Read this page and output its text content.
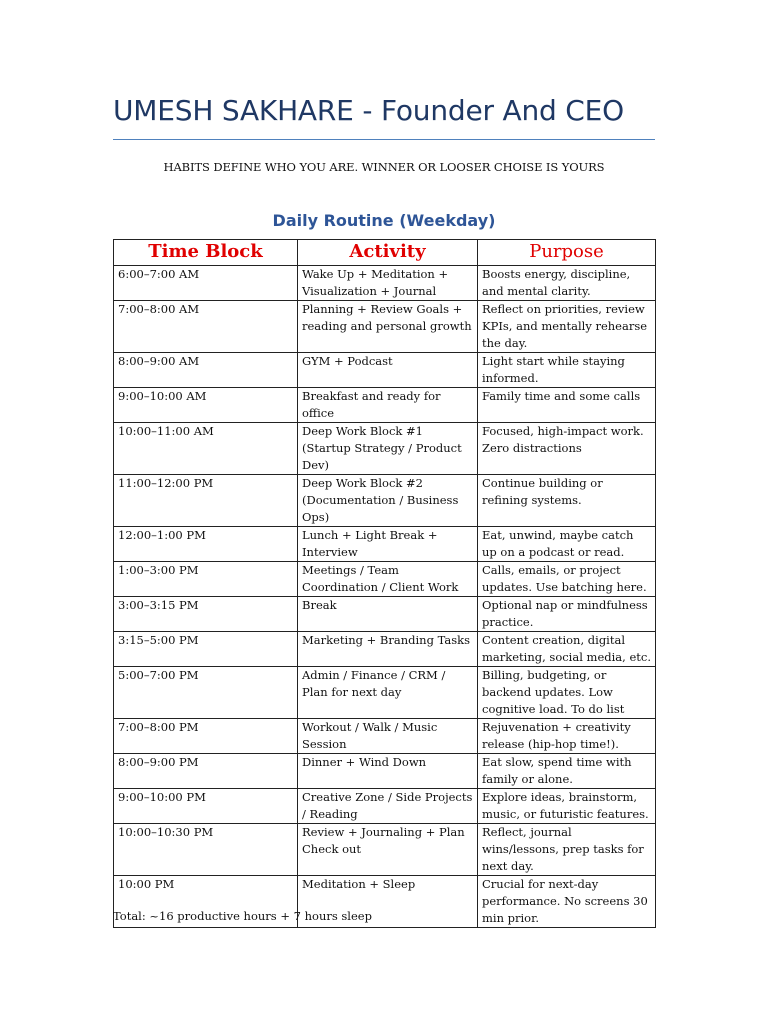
UMESH SAKHARE - Founder And CEO
HABITS DEFINE WHO YOU ARE. WINNER OR LOOSER CHOISE IS YOURS
Daily Routine (Weekday)
Time Block	Activity	Purpose
6:00–7:00 AM	Wake Up + Meditation + Visualization + Journal	Boosts energy, discipline, and mental clarity.
7:00–8:00 AM	Planning + Review Goals + reading and personal growth	Reflect on priorities, review KPIs, and mentally rehearse the day.
8:00–9:00 AM	GYM + Podcast	Light start while staying informed.
9:00–10:00 AM	Breakfast and ready for office	Family time and some calls
10:00–11:00 AM	Deep Work Block #1 (Startup Strategy / Product Dev)	Focused, high-impact work. Zero distractions
11:00–12:00 PM	Deep Work Block #2 (Documentation / Business Ops)	Continue building or refining systems.
12:00–1:00 PM	Lunch + Light Break + Interview	Eat, unwind, maybe catch up on a podcast or read.
1:00–3:00 PM	Meetings / Team Coordination / Client Work	Calls, emails, or project updates. Use batching here.
3:00–3:15 PM	Break	Optional nap or mindfulness practice.
3:15–5:00 PM	Marketing + Branding Tasks	Content creation, digital marketing, social media, etc.
5:00–7:00 PM	Admin / Finance / CRM / Plan for next day	Billing, budgeting, or backend updates. Low cognitive load. To do list
7:00–8:00 PM	Workout / Walk / Music Session	Rejuvenation + creativity release (hip-hop time!).
8:00–9:00 PM	Dinner + Wind Down	Eat slow, spend time with family or alone.
9:00–10:00 PM	Creative Zone / Side Projects / Reading	Explore ideas, brainstorm, music, or futuristic features.
10:00–10:30 PM	Review + Journaling + Plan Check out	Reflect, journal wins/lessons, prep tasks for next day.
10:00 PM	Meditation + Sleep	Crucial for next-day performance. No screens 30 min prior.
Total: ~16 productive hours + 7 hours sleep
